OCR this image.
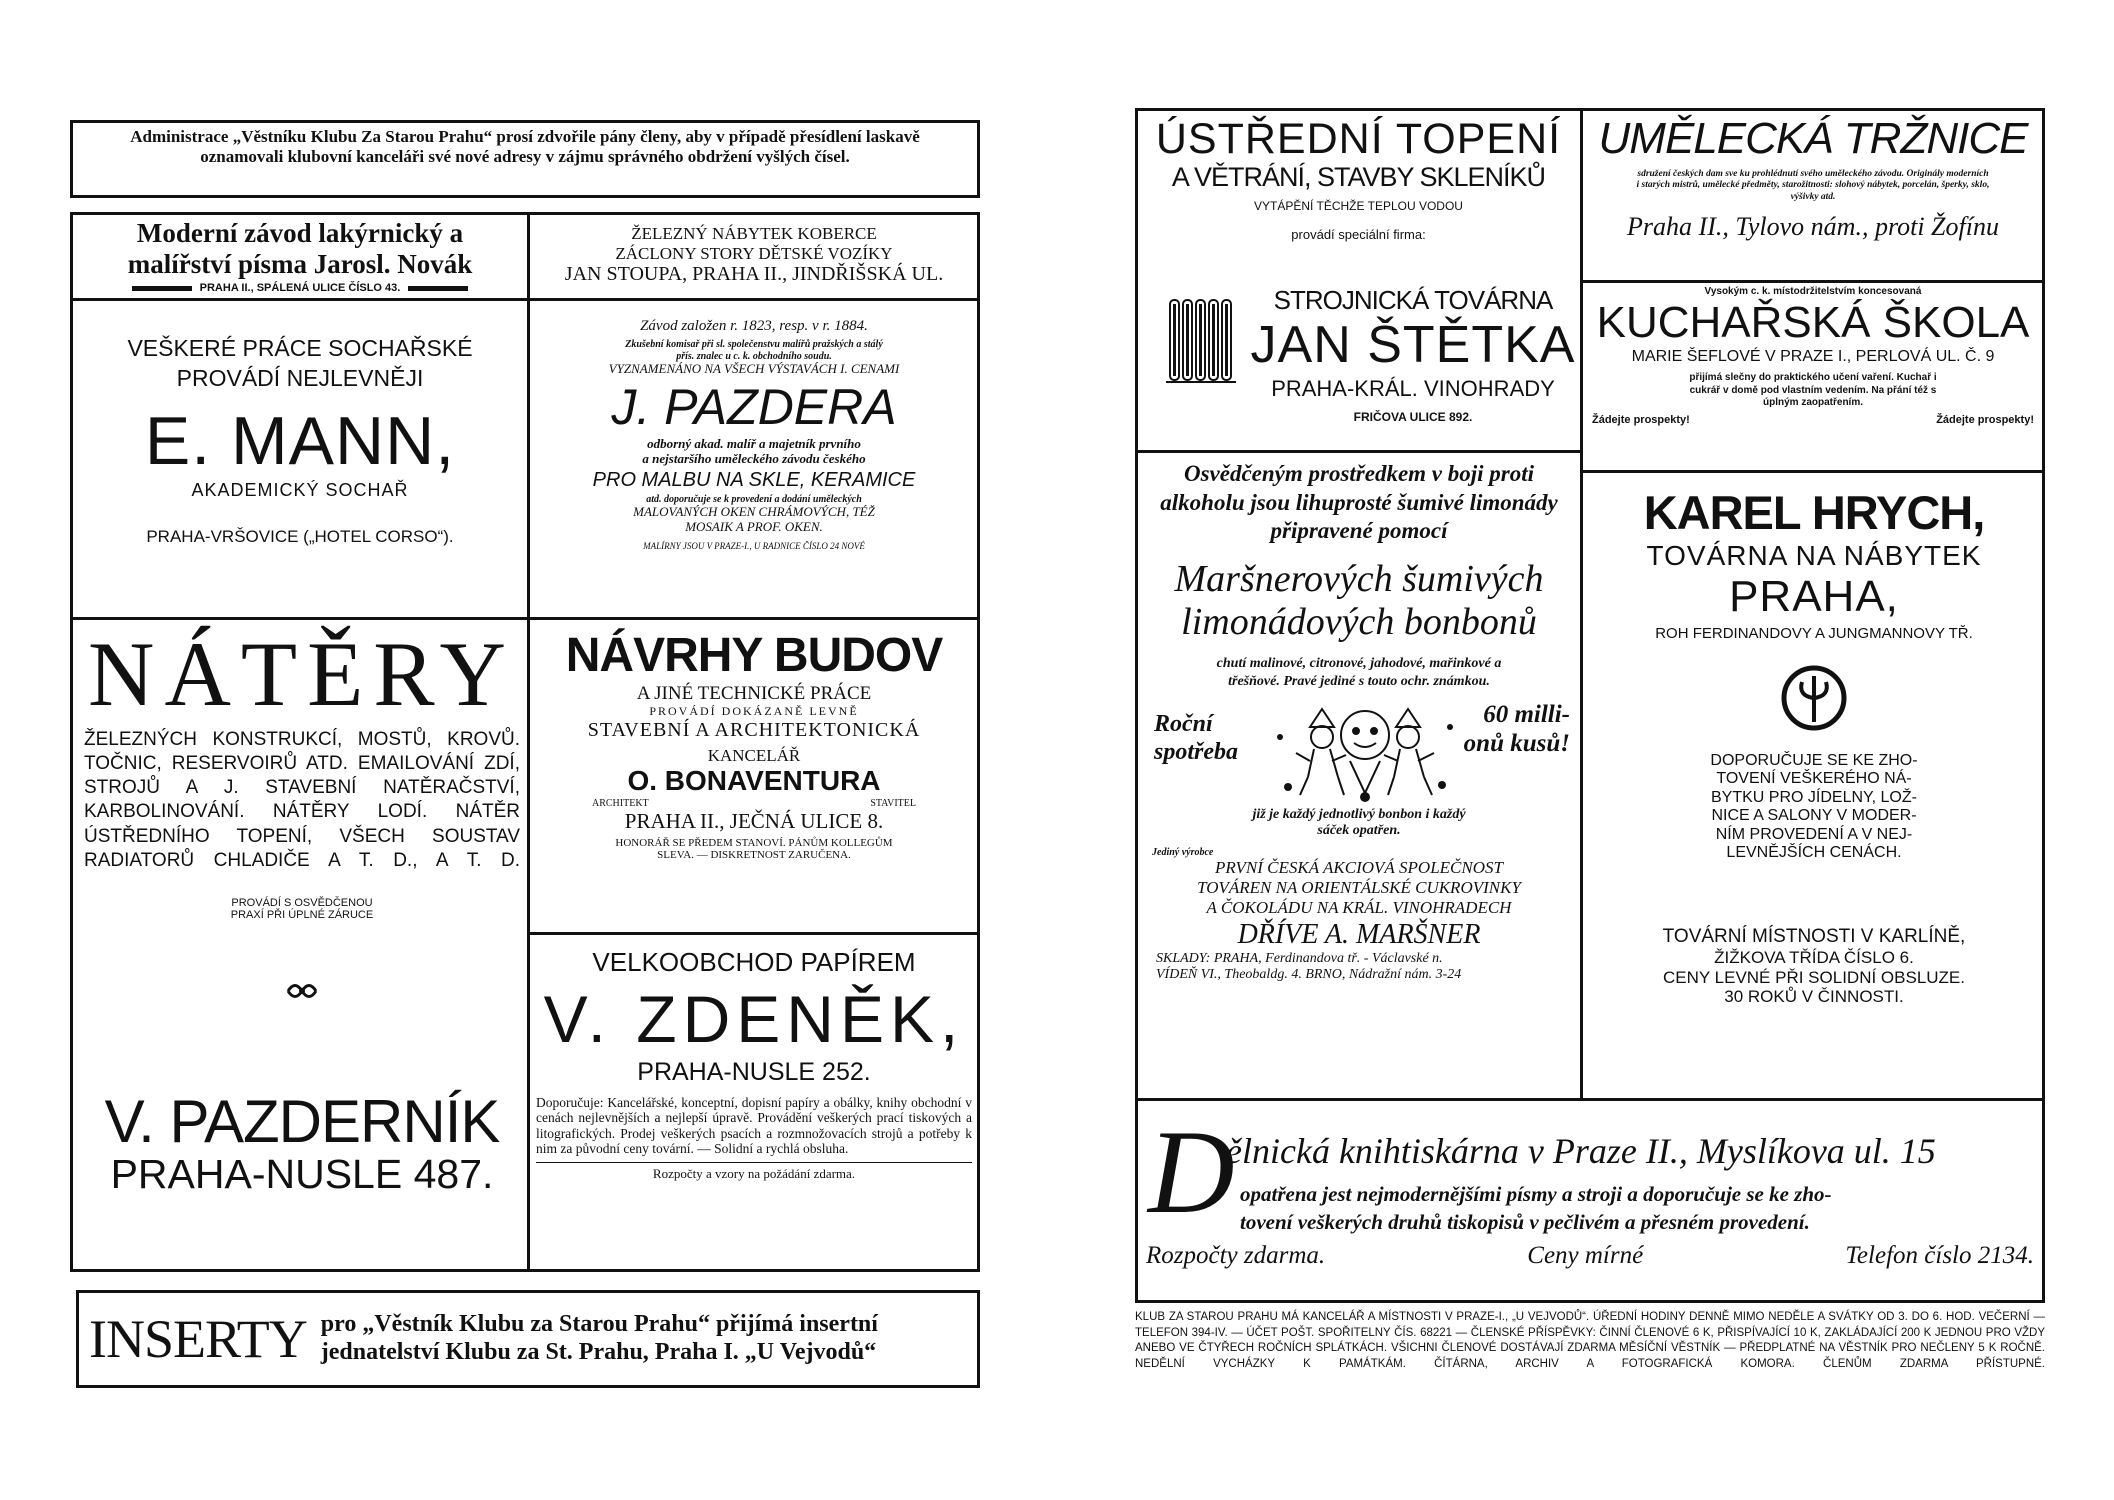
Administrace „Věstníku Klubu Za Starou Prahu“ prosí zdvořile pány členy, aby v případě přesídlení laskavě oznamovali klubovní kanceláři své nové adresy v zájmu správného obdržení vyšlých čísel.
Moderní závod lakýrnický a
malířství písma Jarosl. Novák
PRAHA II., SPÁLENÁ ULICE ČÍSLO 43.
ŽELEZNÝ NÁBYTEK KOBERCE
ZÁCLONY STORY DĚTSKÉ VOZÍKY
JAN STOUPA, PRAHA II., JINDŘIŠSKÁ UL.
VEŠKERÉ PRÁCE SOCHAŘSKÉ
PROVÁDÍ NEJLEVNĚJI
E. MANN,
AKADEMICKÝ SOCHAŘ
PRAHA-VRŠOVICE („HOTEL CORSO“).
Závod založen r. 1823, resp. v r. 1884.
Zkušební komisař při sl. společenstvu malířů pražských a stálý
přís. znalec u c. k. obchodního soudu.
VYZNAMENÁNO NA VŠECH VÝSTAVÁCH I. CENAMI
J. PAZDERA
odborný akad. malíř a majetník prvního
a nejstaršího uměleckého závodu českého
PRO MALBU NA SKLE, KERAMICE
atd. doporučuje se k provedení a dodání uměleckých
MALOVANÝCH OKEN CHRÁMOVÝCH, TÉŽ
MOSAIK A PROF. OKEN.
MALÍRNY JSOU V PRAZE-I., U RADNICE ČÍSLO 24 NOVÉ
NÁTĚRY
ŽELEZNÝCH KONSTRUKCÍ, MOSTŮ, KROVŮ. TOČNIC, RESERVOIRŮ ATD. EMAILOVÁNÍ ZDÍ, STROJŮ A J. STAVEBNÍ NATĚRAČSTVÍ, KARBOLINOVÁNÍ. NÁTĚRY LODÍ. NÁTĚR ÚSTŘEDNÍHO TOPENÍ, VŠECH SOUSTAV RADIATORŮ CHLADIČE A T. D., A T. D.
PROVÁDÍ S OSVĚDČENOU
PRAXÍ PŘI ÚPLNÉ ZÁRUCE
V. PAZDERNÍK
PRAHA-NUSLE 487.
NÁVRHY BUDOV
A JINÉ TECHNICKÉ PRÁCE
PROVÁDÍ DOKÁZANĚ LEVNĚ
STAVEBNÍ A ARCHITEKTONICKÁ
KANCELÁŘ
O. BONAVENTURA
ARCHITEKT	STAVITEL
PRAHA II., JEČNÁ ULICE 8.
HONORÁŘ SE PŘEDEM STANOVÍ. PÁNŮM KOLLEGŮM
SLEVA. — DISKRETNOST ZARUČENA.
VELKOOBCHOD PAPÍREM
V. ZDENĚK,
PRAHA-NUSLE 252.
Doporučuje: Kancelářské, konceptní, dopisní papíry a obálky, knihy obchodní v cenách nejlevnějších a nejlepší úpravě. Provádění veškerých prací tiskových a litografických. Prodej veškerých psacích a rozmnožovacích strojů a potřeby k nim za původní ceny tovární. — Solidní a rychlá obsluha.
Rozpočty a vzory na požádání zdarma.
INSERTY pro „Věstník Klubu za Starou Prahu“ přijímá insertní
jednatelství Klubu za St. Prahu, Praha I. „U Vejvodů“
ÚSTŘEDNÍ TOPENÍ
A VĚTRÁNÍ, STAVBY SKLENÍKŮ
VYTÁPĚNÍ TĚCHŽE TEPLOU VODOU
provádí speciální firma:
STROJNICKÁ TOVÁRNA
JAN ŠTĚTKA
PRAHA-KRÁL. VINOHRADY
FRIČOVA ULICE 892.
UMĚLECKÁ TRŽNICE
sdružení českých dam sve ku prohlédnutí svého uměleckého závodu. Originály moderních i starých mistrů, umělecké předměty, starožitnosti: slohový nábytek, porcelán, šperky, sklo, výšivky atd.
Praha II., Tylovo nám., proti Žofínu
Vysokým c. k. místodržitelstvím koncesovaná
KUCHAŘSKÁ ŠKOLA
MARIE ŠEFLOVÉ V PRAZE I., PERLOVÁ UL. Č. 9
přijímá slečny do praktického učení vaření. Kuchař i cukrář v domě pod vlastním vedením. Na přání též s úplným zaopatřením.
Žádejte prospekty!	Žádejte prospekty!
Osvědčeným prostředkem v boji proti alkoholu jsou lihuprosté šumivé limonády připravené pomocí
Maršnerových šumivých
limonádových bonbonů
chutí malinové, citronové, jahodové, mařinkové a třešňové. Pravé jediné s touto ochr. známkou.
Roční
spotřeba
60 milli-
onů kusů!
již je každý jednotlivý bonbon i každý
sáček opatřen.
Jediný výrobce
PRVNÍ ČESKÁ AKCIOVÁ SPOLEČNOST
TOVÁREN NA ORIENTÁLSKÉ CUKROVINKY
A ČOKOLÁDU NA KRÁL. VINOHRADECH
DŘÍVE A. MARŠNER
SKLADY: PRAHA, Ferdinandova tř. - Václavské n.
VÍDEŇ VI., Theobaldg. 4. BRNO, Nádražní nám. 3-24
KAREL HRYCH,
TOVÁRNA NA NÁBYTEK
PRAHA,
ROH FERDINANDOVY A JUNGMANNOVY TŘ.
DOPORUČUJE SE KE ZHO-
TOVENÍ VEŠKERÉHO NÁ-
BYTKU PRO JÍDELNY, LOŽ-
NICE A SALONY V MODER-
NÍM PROVEDENÍ A V NEJ-
LEVNĚJŠÍCH CENÁCH.
TOVÁRNÍ MÍSTNOSTI V KARLÍNĚ,
ŽIŽKOVA TŘÍDA ČÍSLO 6.
CENY LEVNÉ PŘI SOLIDNÍ OBSLUZE.
30 ROKŮ V ČINNOSTI.
D
ělnická knihtiskárna v Praze II., Myslíkova ul. 15
opatřena jest nejmodernějšími písmy a stroji a doporučuje se ke zho-
tovení veškerých druhů tiskopisů v pečlivém a přesném provedení.
Rozpočty zdarma.	Ceny mírné	Telefon číslo 2134.
KLUB ZA STAROU PRAHU MÁ KANCELÁŘ A MÍSTNOSTI V PRAZE-I., „U VEJVODŮ“. ÚŘEDNÍ HODINY DENNĚ MIMO NEDĚLE A SVÁTKY OD 3. DO 6. HOD. VEČERNÍ — TELEFON 394-IV. — ÚČET POŠT. SPOŘITELNY ČÍS. 68221 — ČLENSKÉ PŘÍSPĚVKY: ČINNÍ ČLENOVÉ 6 K, PŘISPÍVAJÍCÍ 10 K, ZAKLÁDAJÍCÍ 200 K JEDNOU PRO VŽDY ANEBO VE ČTYŘECH ROČNÍCH SPLÁTKÁCH. VŠICHNI ČLENOVÉ DOSTÁVAJÍ ZDARMA MĚSÍČNÍ VĚSTNÍK — PŘEDPLATNÉ NA VĚSTNÍK PRO NEČLENY 5 K ROČNĚ. NEDĚLNÍ VYCHÁZKY K PAMÁTKÁM. ČÍTÁRNA, ARCHIV A FOTOGRAFICKÁ KOMORA. ČLENŮM ZDARMA PŘÍSTUPNÉ.
